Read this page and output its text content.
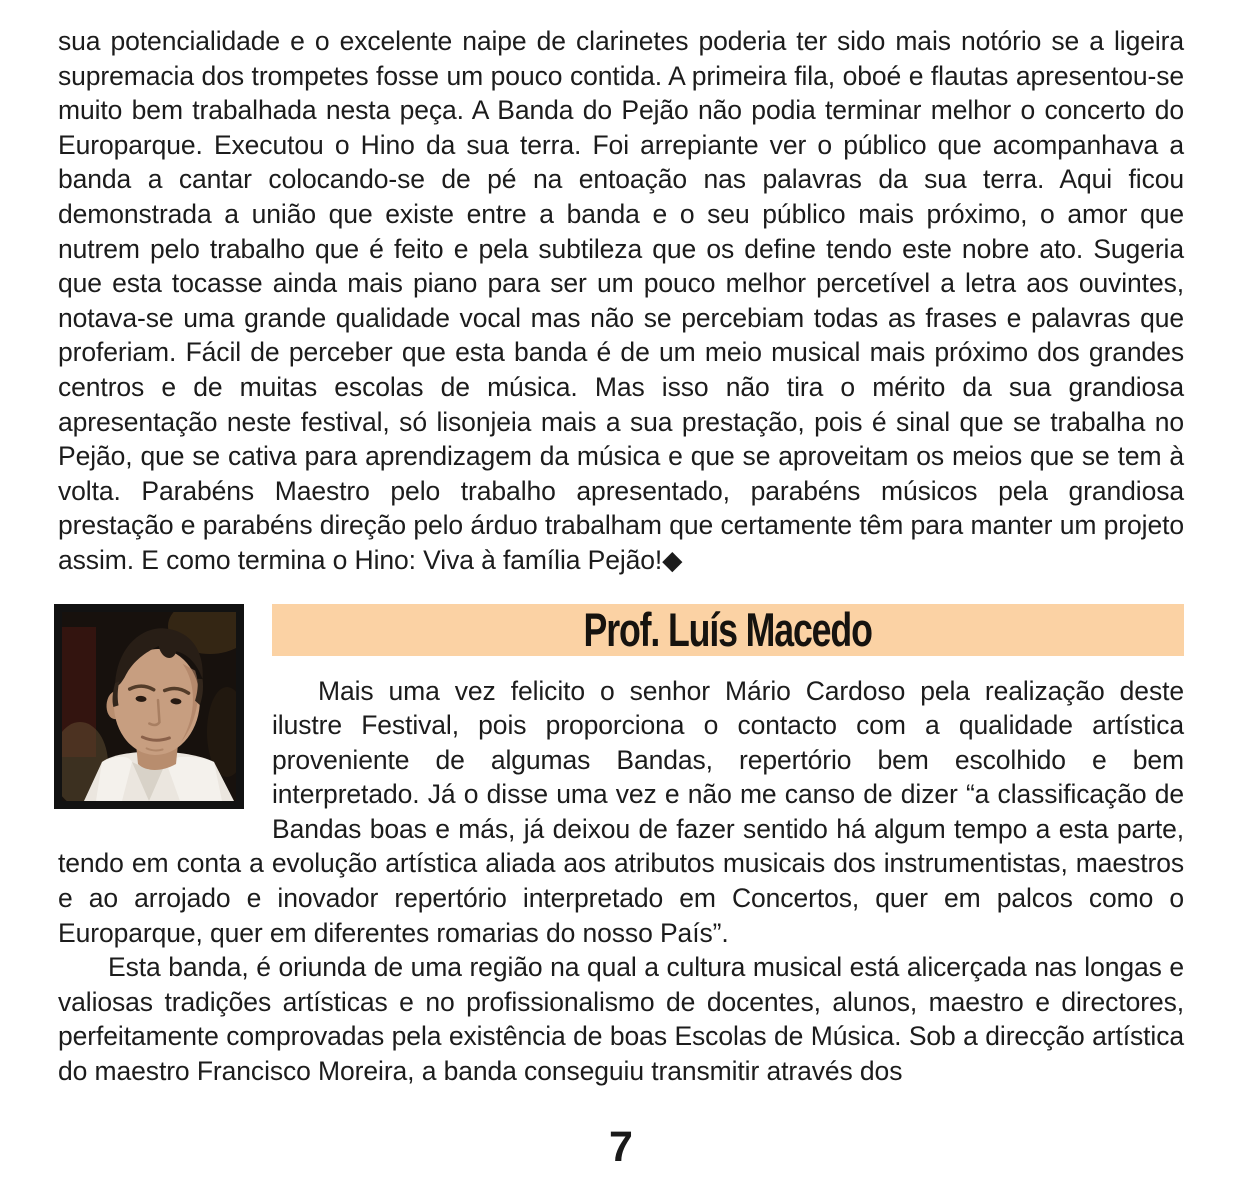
sua potencialidade e o excelente naipe de clarinetes poderia ter sido mais notório se a ligeira supremacia dos trompetes fosse um pouco contida. A primeira fila, oboé e flautas apresentou-se muito bem trabalhada nesta peça. A Banda do Pejão não podia terminar melhor o concerto do Europarque. Executou o Hino da sua terra. Foi arrepiante ver o público que acompanhava a banda a cantar colocando-se de pé na entoação nas palavras da sua terra. Aqui ficou demonstrada a união que existe entre a banda e o seu público mais próximo, o amor que nutrem pelo trabalho que é feito e pela subtileza que os define tendo este nobre ato. Sugeria que esta tocasse ainda mais piano para ser um pouco melhor percetível a letra aos ouvintes, notava-se uma grande qualidade vocal mas não se percebiam todas as frases e palavras que proferiam. Fácil de perceber que esta banda é de um meio musical mais próximo dos grandes centros e de muitas escolas de música. Mas isso não tira o mérito da sua grandiosa apresentação neste festival, só lisonjeia mais a sua prestação, pois é sinal que se trabalha no Pejão, que se cativa para aprendizagem da música e que se aproveitam os meios que se tem à volta. Parabéns Maestro pelo trabalho apresentado, parabéns músicos pela grandiosa prestação e parabéns direção pelo árduo trabalham que certamente têm para manter um projeto assim. E como termina o Hino: Viva à família Pejão!◆

Prof. Luís Macedo

Mais uma vez felicito o senhor Mário Cardoso pela realização deste ilustre Festival, pois proporciona o contacto com a qualidade artística proveniente de algumas Bandas, repertório bem escolhido e bem interpretado. Já o disse uma vez e não me canso de dizer “a classificação de Bandas boas e más, já deixou de fazer sentido há algum tempo a esta parte, tendo em conta a evolução artística aliada aos atributos musicais dos instrumentistas, maestros e ao arrojado e inovador repertório interpretado em Concertos, quer em palcos como o Europarque, quer em diferentes romarias do nosso País”.

Esta banda, é oriunda de uma região na qual a cultura musical está alicerçada nas longas e valiosas tradições artísticas e no profissionalismo de docentes, alunos, maestro e directores, perfeitamente comprovadas pela existência de boas Escolas de Música. Sob a direcção artística do maestro Francisco Moreira, a banda conseguiu transmitir através dos

7
